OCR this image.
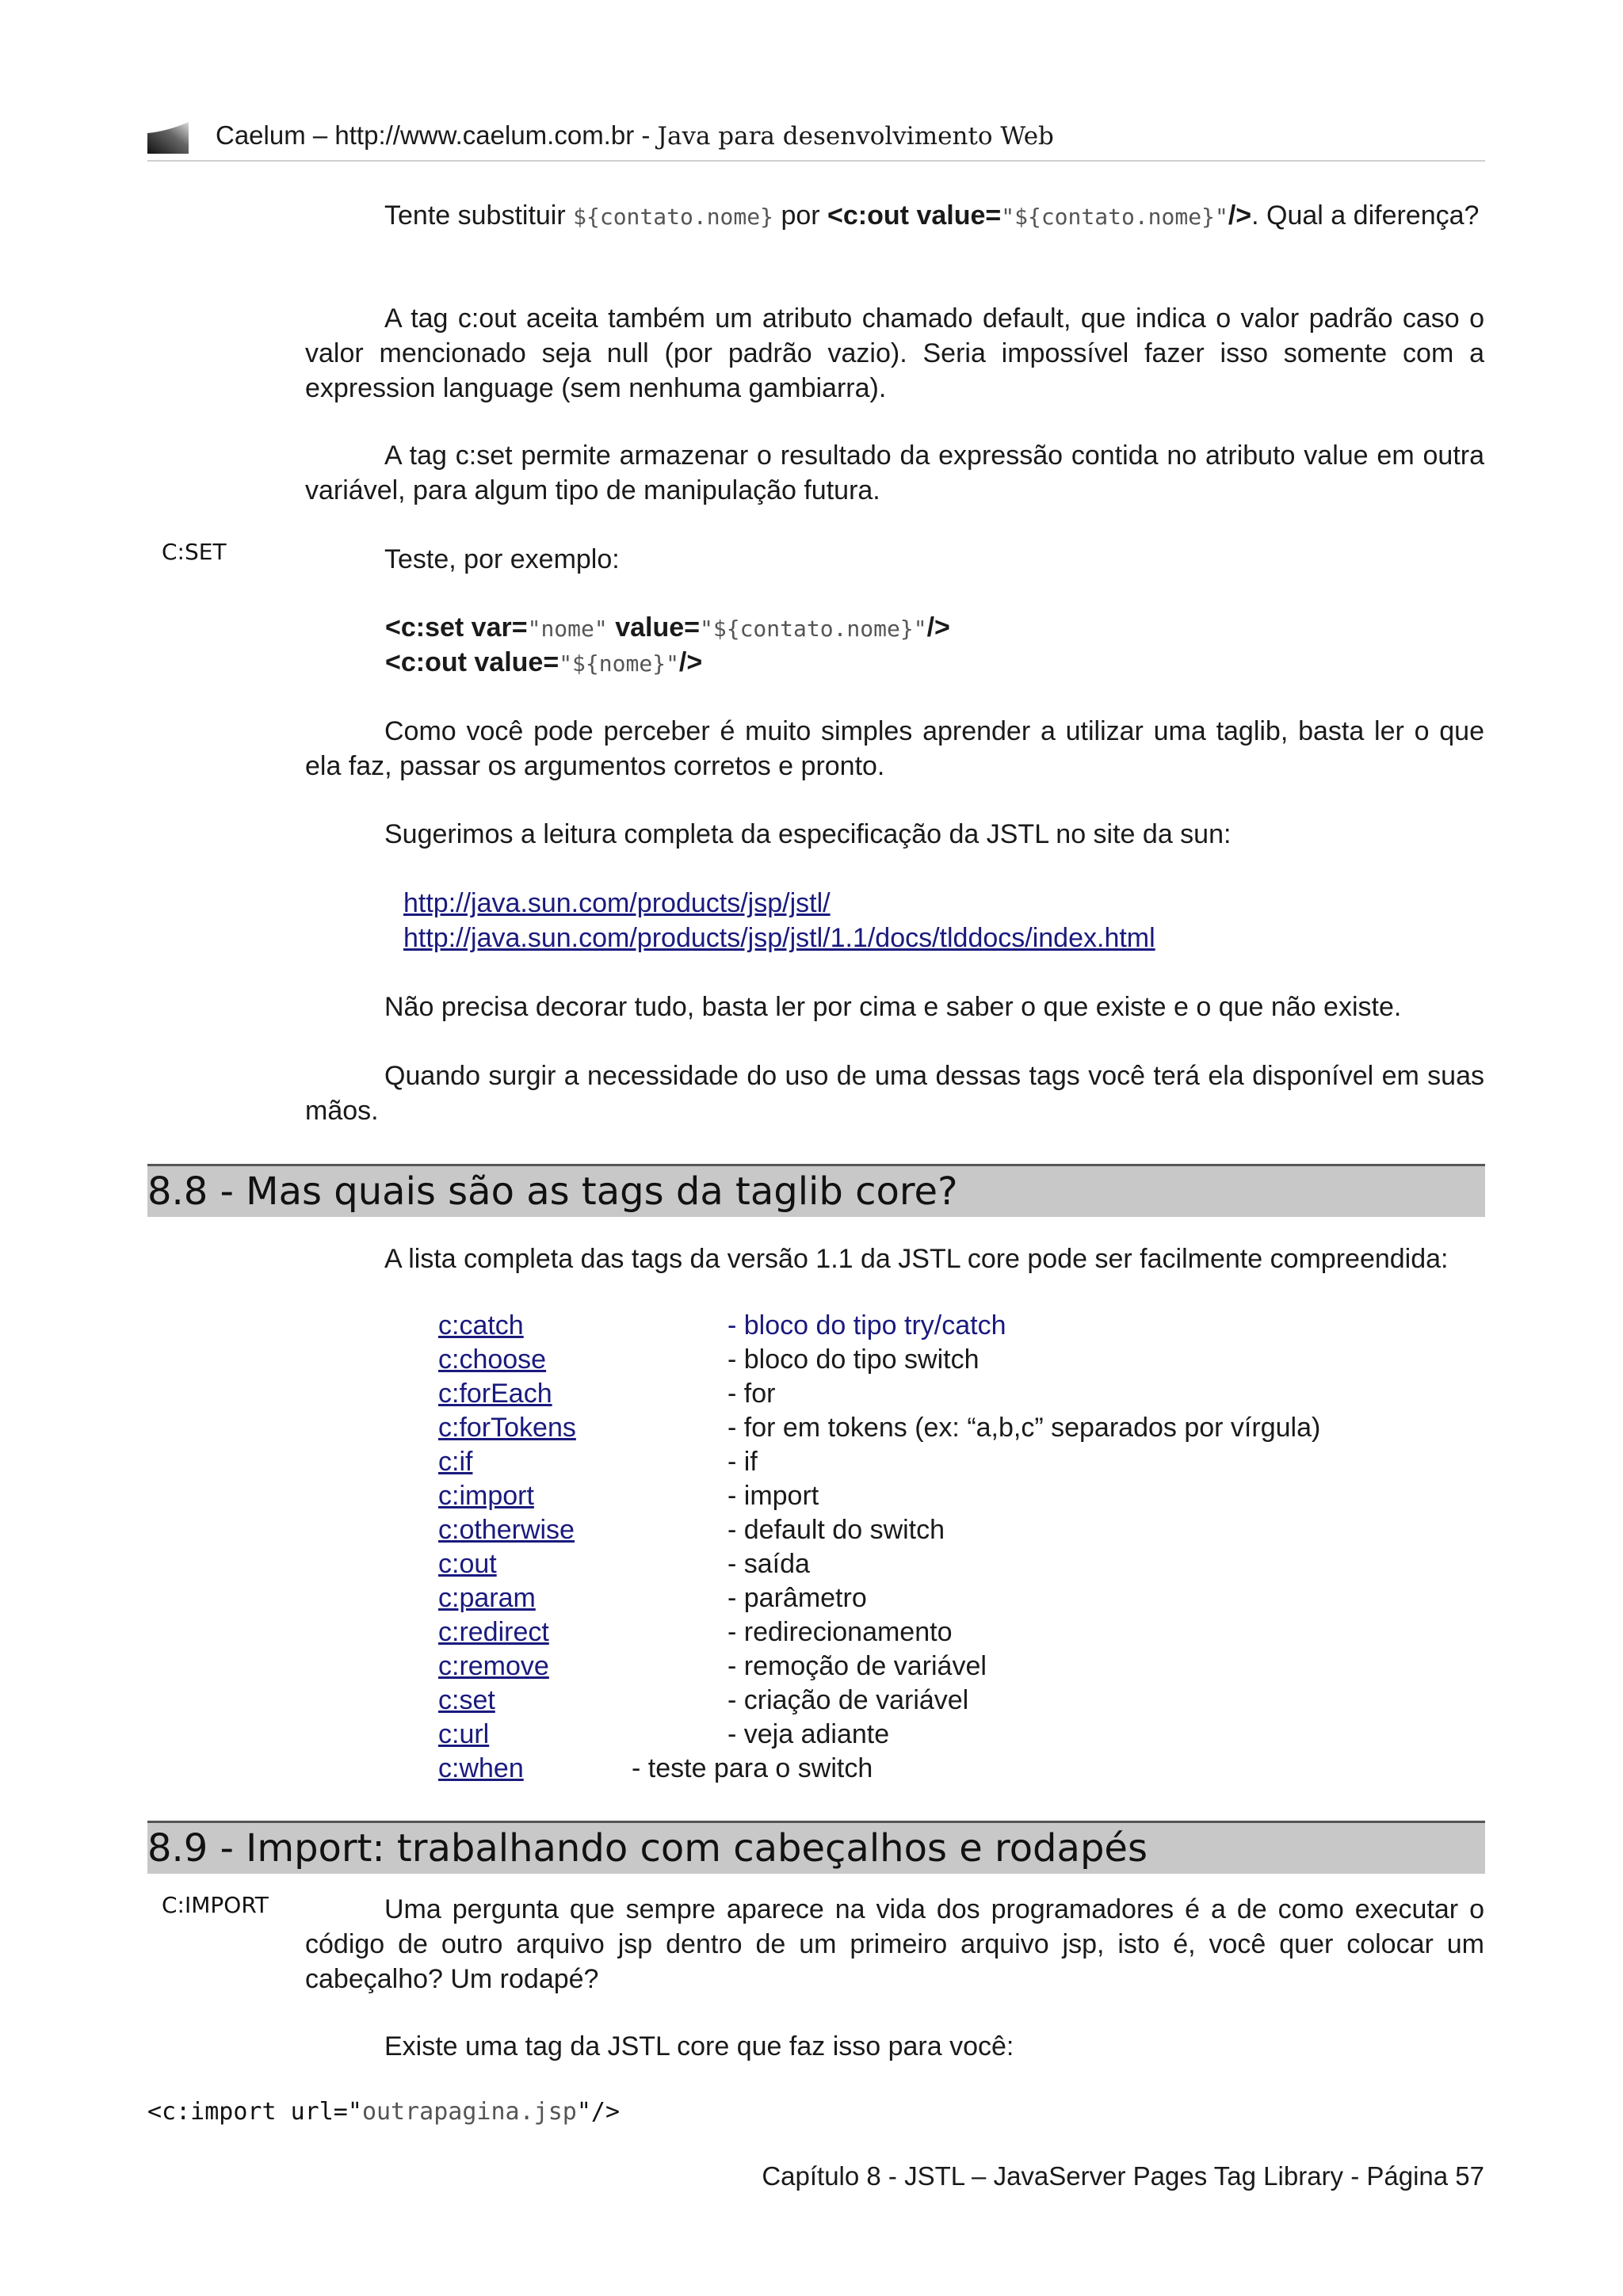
Caelum – http://www.caelum.com.br - Java para desenvolvimento Web
Tente substituir ${contato.nome} por <c:out value="${contato.nome}"/>. Qual a diferença?
A tag c:out aceita também um atributo chamado default, que indica o valor padrão caso o valor mencionado seja null (por padrão vazio). Seria impossível fazer isso somente com a expression language (sem nenhuma gambiarra).
A tag c:set permite armazenar o resultado da expressão contida no atributo value em outra variável, para algum tipo de manipulação futura.
C:SET	Teste, por exemplo:
<c:set var="nome" value="${contato.nome}"/>
<c:out value="${nome}"/>
Como você pode perceber é muito simples aprender a utilizar uma taglib, basta ler o que ela faz, passar os argumentos corretos e pronto.
Sugerimos a leitura completa da especificação da JSTL no site da sun:
http://java.sun.com/products/jsp/jstl/
http://java.sun.com/products/jsp/jstl/1.1/docs/tlddocs/index.html
Não precisa decorar tudo, basta ler por cima e saber o que existe e o que não existe.
Quando surgir a necessidade do uso de uma dessas tags você terá ela disponível em suas mãos.
8.8 - Mas quais são as tags da taglib core?
A lista completa das tags da versão 1.1 da JSTL core pode ser facilmente compreendida:
c:catch	- bloco do tipo try/catch
c:choose	- bloco do tipo switch
c:forEach	- for
c:forTokens	- for em tokens (ex: “a,b,c” separados por vírgula)
c:if	- if
c:import	- import
c:otherwise	- default do switch
c:out	- saída
c:param	- parâmetro
c:redirect	- redirecionamento
c:remove	- remoção de variável
c:set	- criação de variável
c:url	- veja adiante
c:when	- teste para o switch
8.9 - Import: trabalhando com cabeçalhos e rodapés
C:IMPORT	Uma pergunta que sempre aparece na vida dos programadores é a de como executar o código de outro arquivo jsp dentro de um primeiro arquivo jsp, isto é, você quer colocar um cabeçalho? Um rodapé?
Existe uma tag da JSTL core que faz isso para você:
<c:import url="outrapagina.jsp"/>
Capítulo 8 - JSTL – JavaServer Pages Tag Library - Página 57
